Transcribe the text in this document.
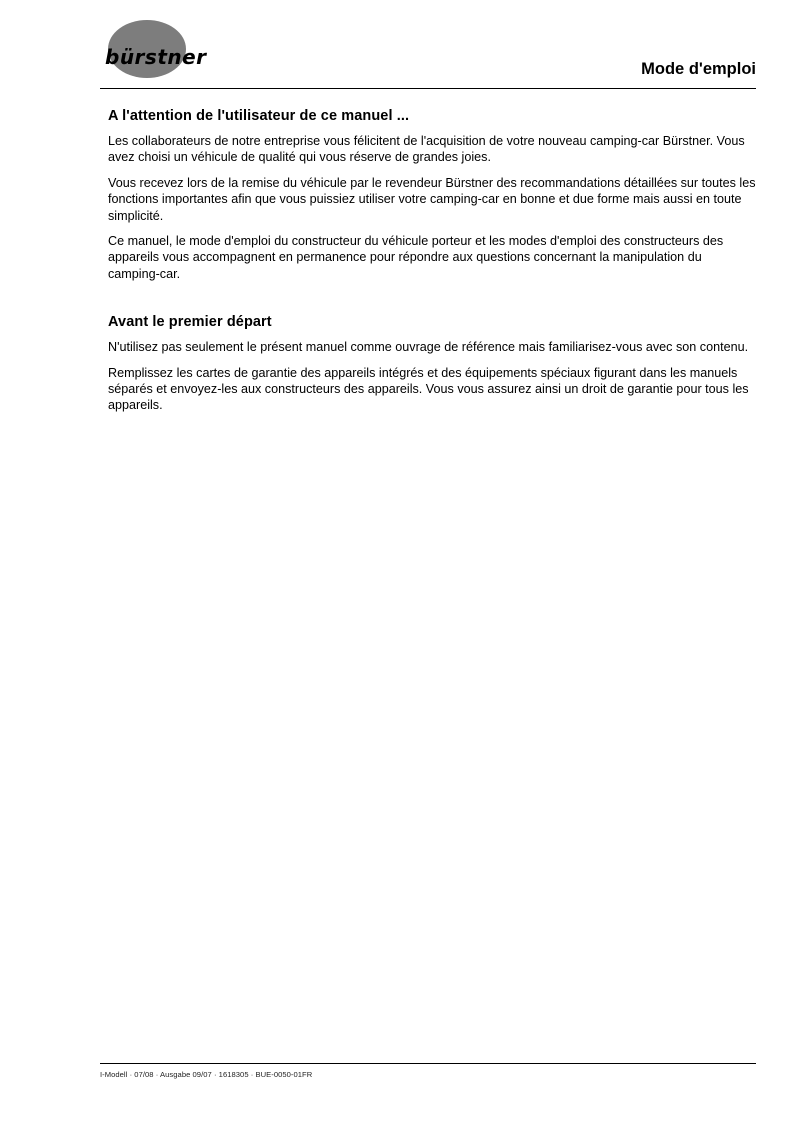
bürstner	Mode d'emploi
A l'attention de l'utilisateur de ce manuel ...

Les collaborateurs de notre entreprise vous félicitent de l'acquisition de votre nouveau camping-car Bürstner. Vous avez choisi un véhicule de qualité qui vous réserve de grandes joies.

Vous recevez lors de la remise du véhicule par le revendeur Bürstner des recommandations détaillées sur toutes les fonctions importantes afin que vous puissiez utiliser votre camping-car en bonne et due forme mais aussi en toute simplicité.

Ce manuel, le mode d'emploi du constructeur du véhicule porteur et les modes d'emploi des constructeurs des appareils vous accompagnent en permanence pour répondre aux questions concernant la manipulation du camping-car.

Avant le premier départ

N'utilisez pas seulement le présent manuel comme ouvrage de référence mais familiarisez-vous avec son contenu.

Remplissez les cartes de garantie des appareils intégrés et des équipements spéciaux figurant dans les manuels séparés et envoyez-les aux constructeurs des appareils. Vous vous assurez ainsi un droit de garantie pour tous les appareils.

I-Modell · 07/08 · Ausgabe 09/07 · 1618305 · BUE-0050-01FR
